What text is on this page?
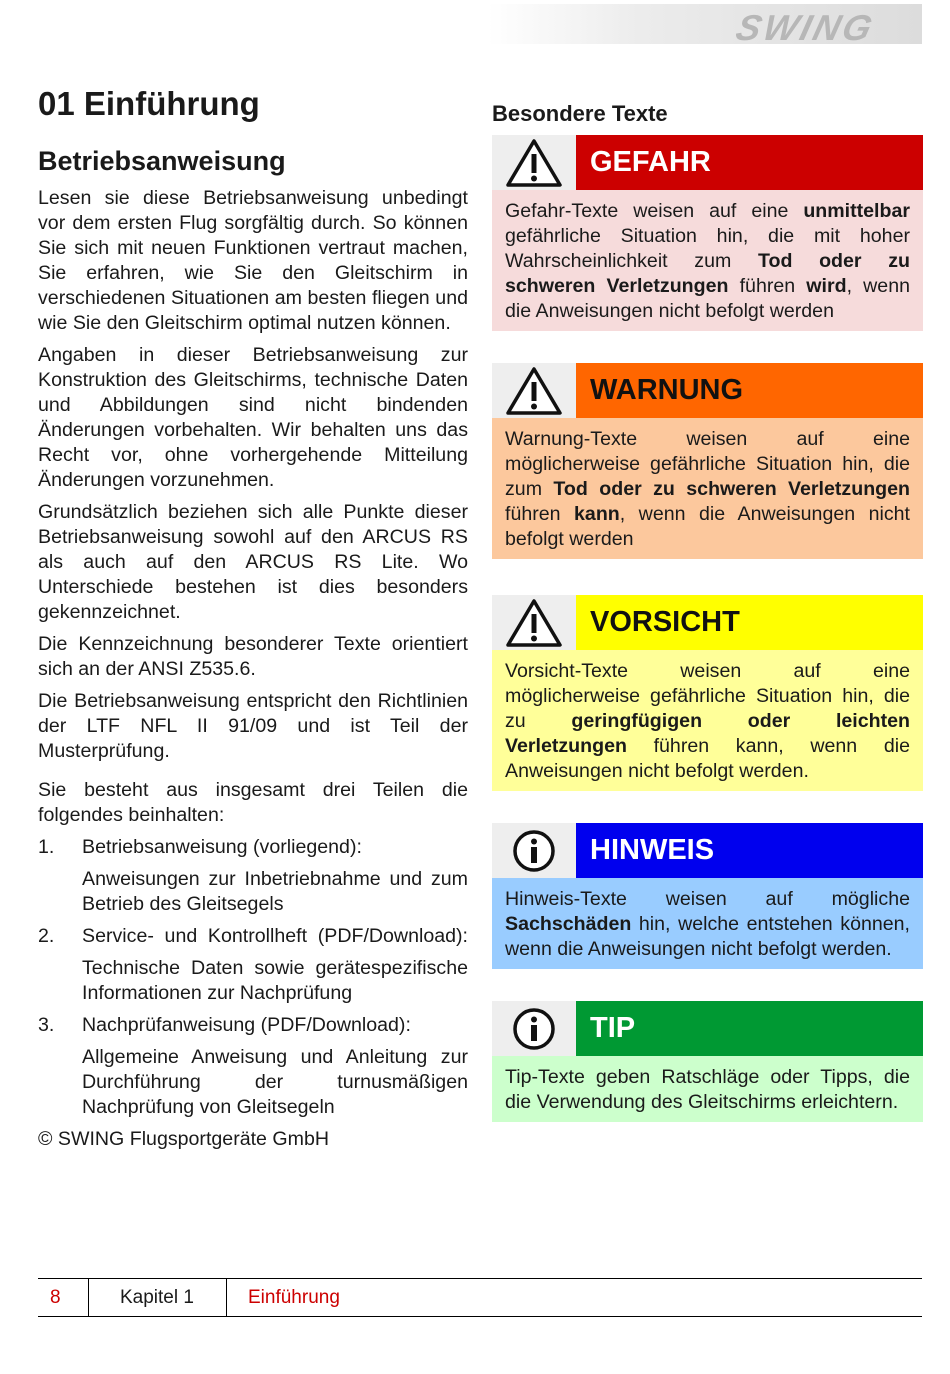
SWING
01 Einführung
Betriebsanweisung

Lesen sie diese Betriebsanweisung unbedingt vor dem ersten Flug sorgfältig durch. So können Sie sich mit neuen Funktionen vertraut machen, Sie erfahren, wie Sie den Gleitschirm in verschiedenen Situationen am besten fliegen und wie Sie den Gleitschirm optimal nutzen können.

Angaben in dieser Betriebsanweisung zur Konstruktion des Gleitschirms, technische Daten und Abbildungen sind nicht bindenden Änderungen vorbehalten. Wir behalten uns das Recht vor, ohne vorhergehende Mitteilung Änderungen vorzunehmen.

Grundsätzlich beziehen sich alle Punkte dieser Betriebsanweisung sowohl auf den ARCUS RS als auch auf den ARCUS RS Lite. Wo Unterschiede bestehen ist dies besonders gekennzeichnet.

Die Kennzeichnung besonderer Texte orientiert sich an der ANSI Z535.6.

Die Betriebsanweisung entspricht den Richtlinien der LTF NFL II 91/09 und ist Teil der Musterprüfung.

Sie besteht aus insgesamt drei Teilen die folgendes beinhalten:

1.	Betriebsanweisung (vorliegend):
Anweisungen zur Inbetriebnahme und zum Betrieb des Gleitsegels
2.	Service- und Kontrollheft (PDF/Download):
Technische Daten sowie gerätespezifische Informationen zur Nachprüfung
3.	Nachprüfanweisung (PDF/Download):
Allgemeine Anweisung und Anleitung zur Durchführung der turnusmäßigen Nachprüfung von Gleitsegeln
© SWING Flugsportgeräte GmbH
Besondere Texte
GEFAHR
Gefahr-Texte weisen auf eine unmittelbar gefährliche Situation hin, die mit hoher Wahrscheinlichkeit zum Tod oder zu schweren Verletzungen führen wird, wenn die Anweisungen nicht befolgt werden
WARNUNG
Warnung-Texte weisen auf eine möglicherweise gefährliche Situation hin, die zum Tod oder zu schweren Verletzungen führen kann, wenn die Anweisungen nicht befolgt werden
VORSICHT
Vorsicht-Texte weisen auf eine möglicherweise gefährliche Situation hin, die zu geringfügigen oder leichten Verletzungen führen kann, wenn die Anweisungen nicht befolgt werden.
HINWEIS
Hinweis-Texte weisen auf mögliche Sachschäden hin, welche entstehen können, wenn die Anweisungen nicht befolgt werden.
TIP
Tip-Texte geben Ratschläge oder Tipps, die die Verwendung des Gleitschirms erleichtern.
8	Kapitel 1	Einführung
